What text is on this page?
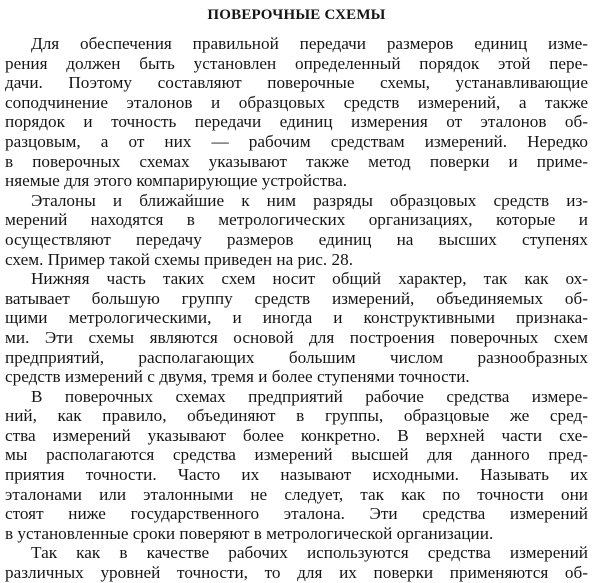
ПОВЕРОЧНЫЕ СХЕМЫ

Для обеспечения правильной передачи размеров единиц изме-
рения должен быть установлен определенный порядок этой пере-
дачи. Поэтому составляют поверочные схемы, устанавливающие
соподчинение эталонов и образцовых средств измерений, а также
порядок и точность передачи единиц измерения от эталонов об-
разцовым, а от них — рабочим средствам измерений. Нередко
в поверочных схемах указывают также метод поверки и приме-
няемые для этого компарирующие устройства.

Эталоны и ближайшие к ним разряды образцовых средств из-
мерений находятся в метрологических организациях, которые и
осуществляют передачу размеров единиц на высших ступенях
схем. Пример такой схемы приведен на рис. 28.

Нижняя часть таких схем носит общий характер, так как ох-
ватывает большую группу средств измерений, объединяемых об-
щими метрологическими, и иногда и конструктивными признака-
ми. Эти схемы являются основой для построения поверочных схем
предприятий, располагающих большим числом разнообразных
средств измерений с двумя, тремя и более ступенями точности.

В поверочных схемах предприятий рабочие средства измере-
ний, как правило, объединяют в группы, образцовые же сред-
ства измерений указывают более конкретно. В верхней части схе-
мы располагаются средства измерений высшей для данного пред-
приятия точности. Часто их называют исходными. Называть их
эталонами или эталонными не следует, так как по точности они
стоят ниже государственного эталона. Эти средства измерений
в установленные сроки поверяют в метрологической организации.

Так как в качестве рабочих используются средства измерений
различных уровней точности, то для их поверки применяются об-
